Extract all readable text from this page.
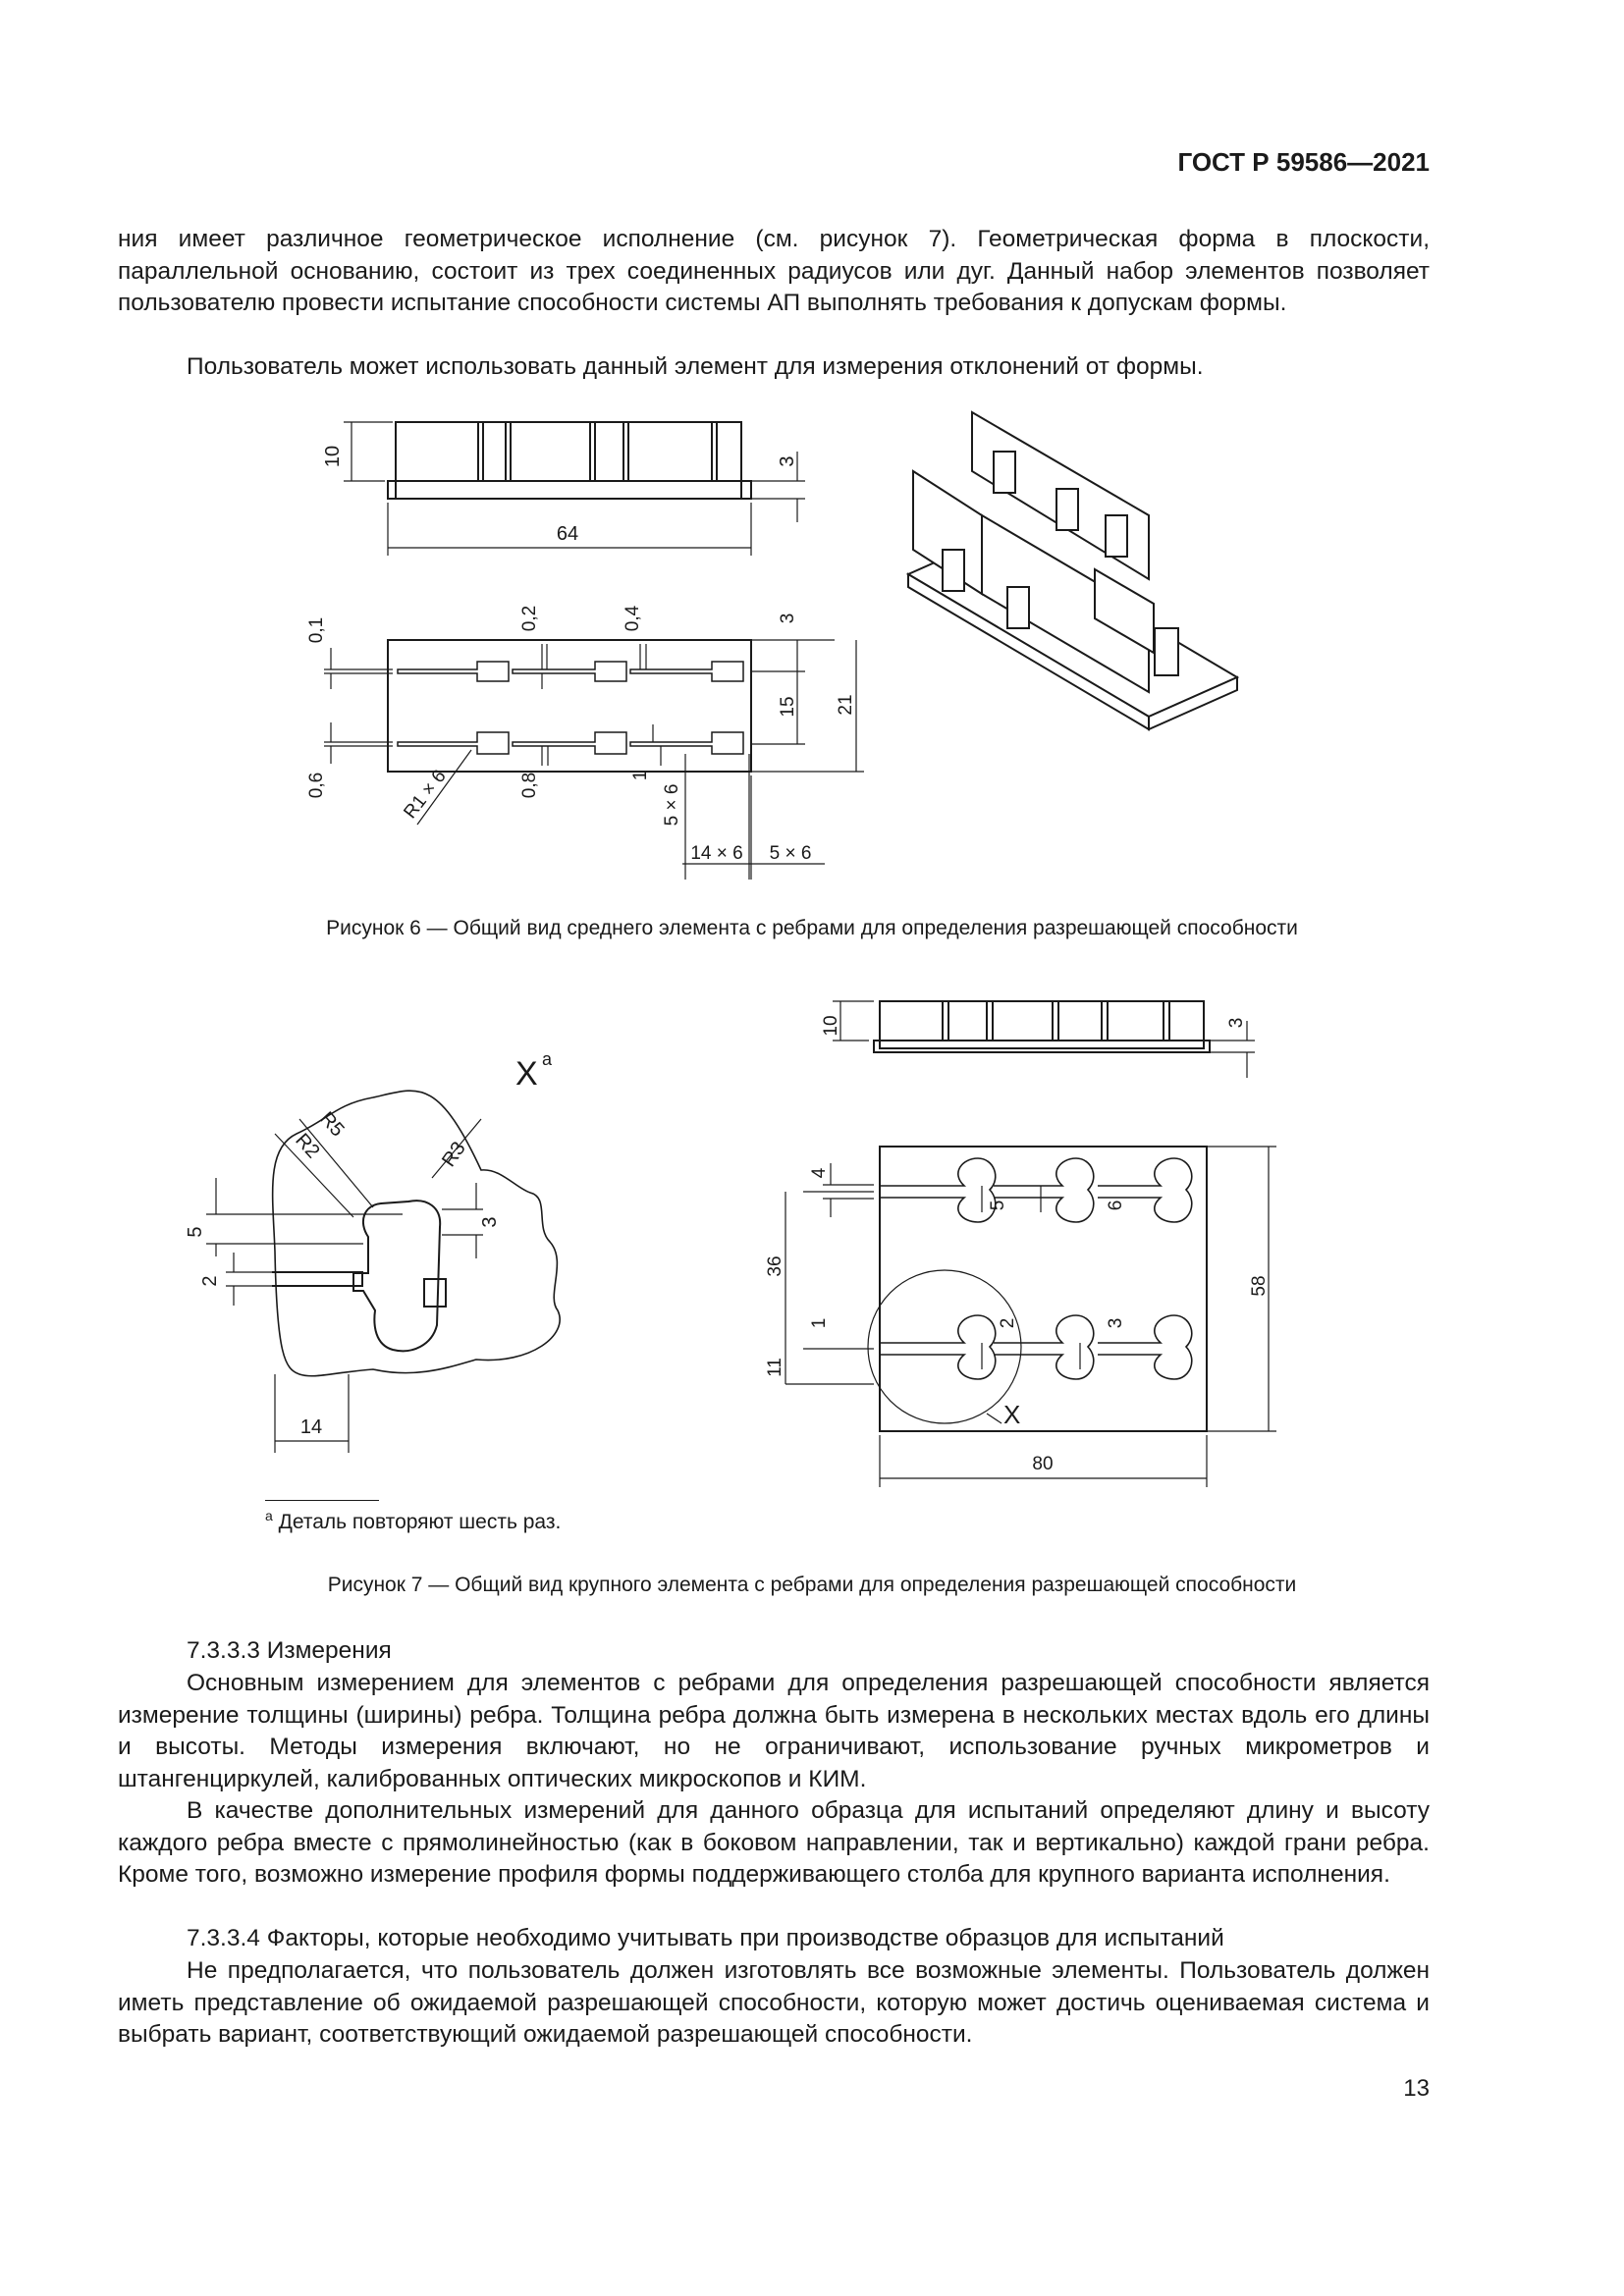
ГОСТ Р 59586—2021

ния имеет различное геометрическое исполнение (см. рисунок 7). Геометрическая форма в плоскости, параллельной основанию, состоит из трех соединенных радиусов или дуг. Данный набор элементов позволяет пользователю провести испытание способности системы АП выполнять требования к допускам формы.

Пользователь может использовать данный элемент для измерения отклонений от формы.

10	3
64
0,1	0,2	0,4
0,6	0,8	1
3
15 21
R1 × 6	5 × 6
14 × 6 5 × 6
Рисунок 6 — Общий вид среднего элемента с ребрами для определения разрешающей способности
X a
5
2
3
14
R2
R5
R3
10	3
4
5	6
1	2	3
36
11
58
80
X
$^a$ Деталь повторяют шесть раз.
Рисунок 7 — Общий вид крупного элемента с ребрами для определения разрешающей способности

7.3.3.3 Измерения

Основным измерением для элементов с ребрами для определения разрешающей способности является измерение толщины (ширины) ребра. Толщина ребра должна быть измерена в нескольких местах вдоль его длины и высоты. Методы измерения включают, но не ограничивают, использование ручных микрометров и штангенциркулей, калиброванных оптических микроскопов и КИМ.

В качестве дополнительных измерений для данного образца для испытаний определяют длину и высоту каждого ребра вместе с прямолинейностью (как в боковом направлении, так и вертикально) каждой грани ребра. Кроме того, возможно измерение профиля формы поддерживающего столба для крупного варианта исполнения.

7.3.3.4 Факторы, которые необходимо учитывать при производстве образцов для испытаний

Не предполагается, что пользователь должен изготовлять все возможные элементы. Пользователь должен иметь представление об ожидаемой разрешающей способности, которую может достичь оцениваемая система и выбрать вариант, соответствующий ожидаемой разрешающей способности.

13
